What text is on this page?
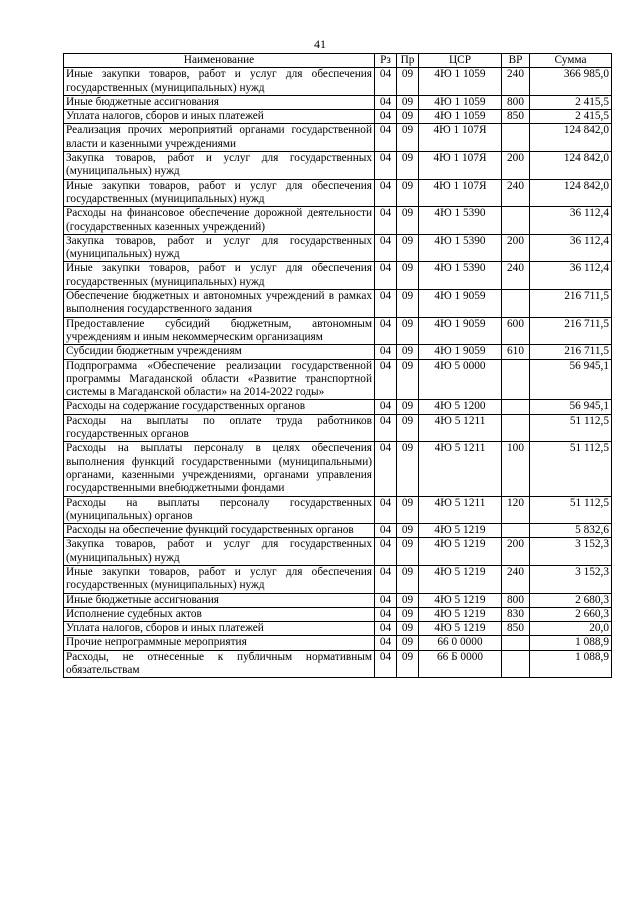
41
Наименование	Рз	Пр	ЦСР	ВР	Сумма
Иные закупки товаров, работ и услуг для обеспечения государственных (муниципальных) нужд	04	09	4Ю 1 1059	240	366 985,0
Иные бюджетные ассигнования	04	09	4Ю 1 1059	800	2 415,5
Уплата налогов, сборов и иных платежей	04	09	4Ю 1 1059	850	2 415,5
Реализация прочих мероприятий органами государственной власти и казенными учреждениями	04	09	4Ю 1 107Я		124 842,0
Закупка товаров, работ и услуг для государственных (муниципальных) нужд	04	09	4Ю 1 107Я	200	124 842,0
Иные закупки товаров, работ и услуг для обеспечения государственных (муниципальных) нужд	04	09	4Ю 1 107Я	240	124 842,0
Расходы на финансовое обеспечение дорожной деятельности (государственных казенных учреждений)	04	09	4Ю 1 5390		36 112,4
Закупка товаров, работ и услуг для государственных (муниципальных) нужд	04	09	4Ю 1 5390	200	36 112,4
Иные закупки товаров, работ и услуг для обеспечения государственных (муниципальных) нужд	04	09	4Ю 1 5390	240	36 112,4
Обеспечение бюджетных и автономных учреждений в рамках выполнения государственного задания	04	09	4Ю 1 9059		216 711,5
Предоставление субсидий бюджетным, автономным учреждениям и иным некоммерческим организациям	04	09	4Ю 1 9059	600	216 711,5
Субсидии бюджетным учреждениям	04	09	4Ю 1 9059	610	216 711,5
Подпрограмма «Обеспечение реализации государственной программы Магаданской области «Развитие транспортной системы в Магаданской области» на 2014-2022 годы»	04	09	4Ю 5 0000		56 945,1
Расходы на содержание государственных органов	04	09	4Ю 5 1200		56 945,1
Расходы на выплаты по оплате труда работников государственных органов	04	09	4Ю 5 1211		51 112,5
Расходы на выплаты персоналу в целях обеспечения выполнения функций государственными (муниципальными) органами, казенными учреждениями, органами управления государственными внебюджетными фондами	04	09	4Ю 5 1211	100	51 112,5
Расходы на выплаты персоналу государственных (муниципальных) органов	04	09	4Ю 5 1211	120	51 112,5
Расходы на обеспечение функций государственных органов	04	09	4Ю 5 1219		5 832,6
Закупка товаров, работ и услуг для государственных (муниципальных) нужд	04	09	4Ю 5 1219	200	3 152,3
Иные закупки товаров, работ и услуг для обеспечения государственных (муниципальных) нужд	04	09	4Ю 5 1219	240	3 152,3
Иные бюджетные ассигнования	04	09	4Ю 5 1219	800	2 680,3
Исполнение судебных актов	04	09	4Ю 5 1219	830	2 660,3
Уплата налогов, сборов и иных платежей	04	09	4Ю 5 1219	850	20,0
Прочие непрограммные мероприятия	04	09	66 0 0000		1 088,9
Расходы, не отнесенные к публичным нормативным обязательствам	04	09	66 Б 0000		1 088,9
